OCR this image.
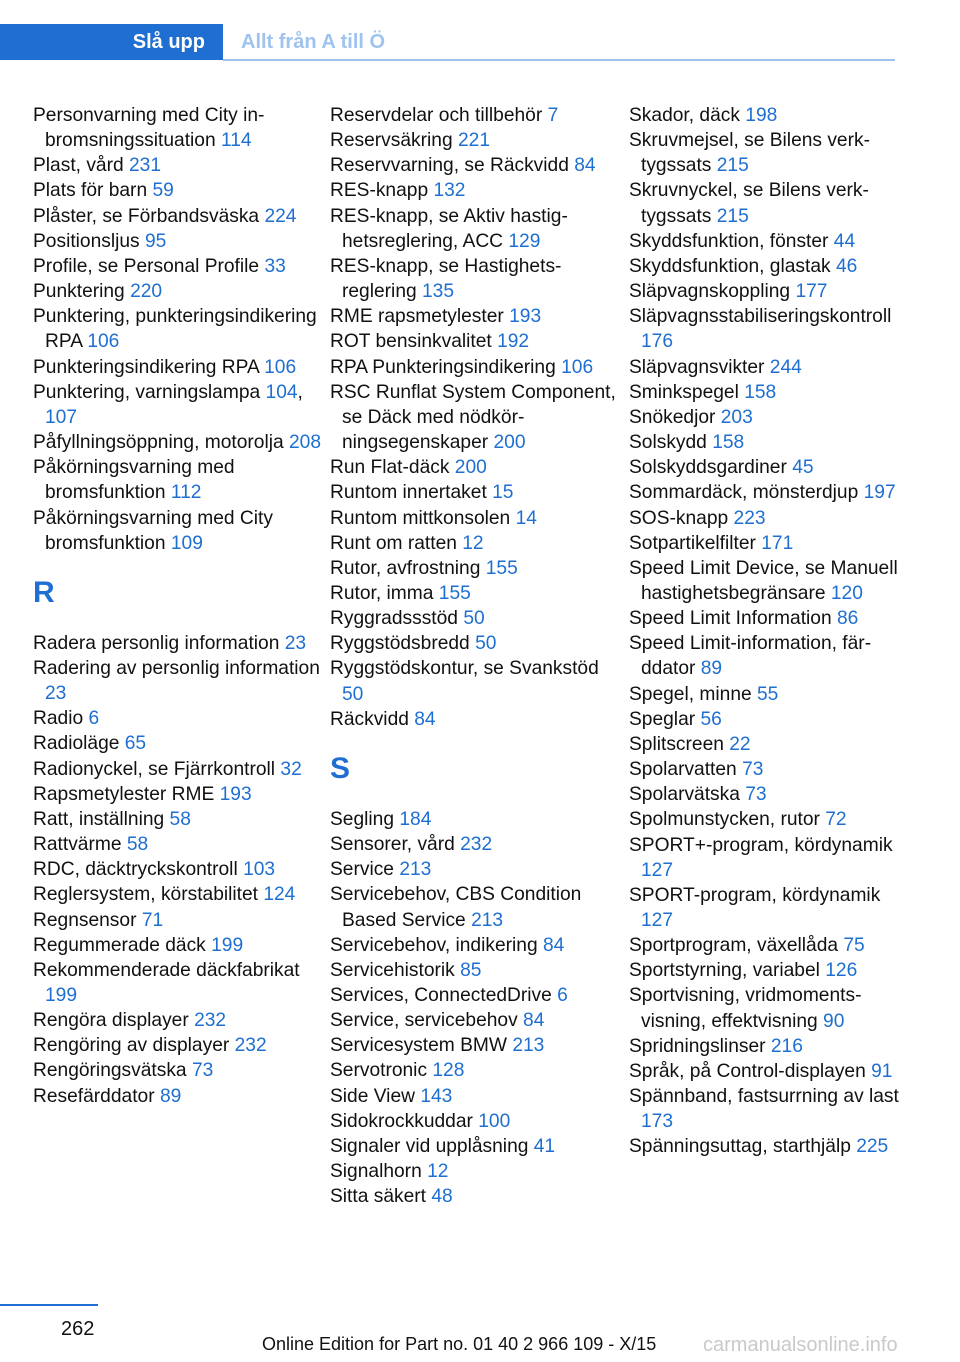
Slå upp	Allt från A till Ö
Personvarning med City inbromsningssituation 114
Plast, vård 231
Plats för barn 59
Plåster, se Förbandsväska 224
Positionsljus 95
Profile, se Personal Profile 33
Punktering 220
Punktering, punkteringsindikering RPA 106
Punkteringsindikering RPA 106
Punktering, varningslampa 104, 107
Påfyllningsöppning, motorolja 208
Påkörningsvarning med bromsfunktion 112
Påkörningsvarning med City bromsfunktion 109
R
Radera personlig information 23
Radering av personlig information 23
Radio 6
Radioläge 65
Radionyckel, se Fjärrkontroll 32
Rapsmetylester RME 193
Ratt, inställning 58
Rattvärme 58
RDC, däcktryckskontroll 103
Reglersystem, körstabilitet 124
Regnsensor 71
Regummerade däck 199
Rekommenderade däckfabrikat 199
Rengöra displayer 232
Rengöring av displayer 232
Rengöringsvätska 73
Resefärddator 89
Reservdelar och tillbehör 7
Reservsäkring 221
Reservvarning, se Räckvidd 84
RES-knapp 132
RES-knapp, se Aktiv hastighetsreglering, ACC 129
RES-knapp, se Hastighetsreglering 135
RME rapsmetylester 193
ROT bensinkvalitet 192
RPA Punkteringsindikering 106
RSC Runflat System Component, se Däck med nödkörningsegenskaper 200
Run Flat-däck 200
Runtom innertaket 15
Runtom mittkonsolen 14
Runt om ratten 12
Rutor, avfrostning 155
Rutor, imma 155
Ryggradssstöd 50
Ryggstödsbredd 50
Ryggstödskontur, se Svankstöd 50
Räckvidd 84
S
Segling 184
Sensorer, vård 232
Service 213
Servicebehov, CBS Condition Based Service 213
Servicebehov, indikering 84
Servicehistorik 85
Services, ConnectedDrive 6
Service, servicebehov 84
Servicesystem BMW 213
Servotronic 128
Side View 143
Sidokrockkuddar 100
Signaler vid upplåsning 41
Signalhorn 12
Sitta säkert 48
Skador, däck 198
Skruvmejsel, se Bilens verktygssats 215
Skruvnyckel, se Bilens verktygssats 215
Skyddsfunktion, fönster 44
Skyddsfunktion, glastak 46
Släpvagnskoppling 177
Släpvagnsstabiliseringskontroll 176
Släpvagnsvikter 244
Sminkspegel 158
Snökedjor 203
Solskydd 158
Solskyddsgardiner 45
Sommardäck, mönsterdjup 197
SOS-knapp 223
Sotpartikelfilter 171
Speed Limit Device, se Manuell hastighetsbegränsare 120
Speed Limit Information 86
Speed Limit-information, färddator 89
Spegel, minne 55
Speglar 56
Splitscreen 22
Spolarvatten 73
Spolarvätska 73
Spolmunstycken, rutor 72
SPORT+-program, kördynamik 127
SPORT-program, kördynamik 127
Sportprogram, växellåda 75
Sportstyrning, variabel 126
Sportvisning, vridmomentsvisning, effektvisning 90
Spridningslinser 216
Språk, på Control-displayen 91
Spännband, fastsurrning av last 173
Spänningsuttag, starthjälp 225
262
Online Edition for Part no. 01 40 2 966 109 - X/15 carmanualsonline.info
